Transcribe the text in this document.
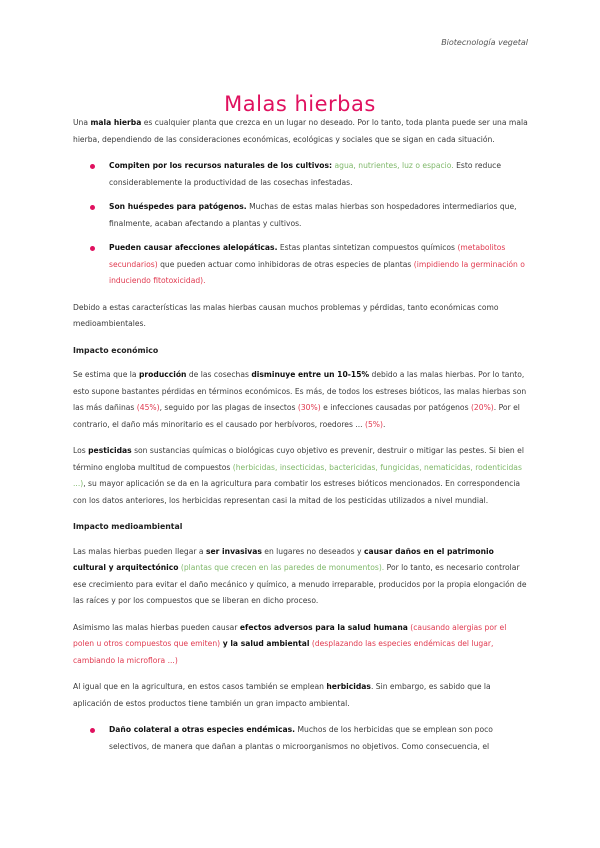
Biotecnología vegetal
Malas hierbas

Una mala hierba es cualquier planta que crezca en un lugar no deseado. Por lo tanto, toda planta puede ser una mala hierba, dependiendo de las consideraciones económicas, ecológicas y sociales que se sigan en cada situación.

Compiten por los recursos naturales de los cultivos: agua, nutrientes, luz o espacio. Esto reduce considerablemente la productividad de las cosechas infestadas.
Son huéspedes para patógenos. Muchas de estas malas hierbas son hospedadores intermediarios que, finalmente, acaban afectando a plantas y cultivos.
Pueden causar afecciones alelopáticas. Estas plantas sintetizan compuestos químicos (metabolitos secundarios) que pueden actuar como inhibidoras de otras especies de plantas (impidiendo la germinación o induciendo fitotoxicidad).

Debido a estas características las malas hierbas causan muchos problemas y pérdidas, tanto económicas como medioambientales.

Impacto económico

Se estima que la producción de las cosechas disminuye entre un 10-15% debido a las malas hierbas. Por lo tanto, esto supone bastantes pérdidas en términos económicos. Es más, de todos los estreses bióticos, las malas hierbas son las más dañinas (45%), seguido por las plagas de insectos (30%) e infecciones causadas por patógenos (20%). Por el contrario, el daño más minoritario es el causado por herbívoros, roedores ... (5%).

Los pesticidas son sustancias químicas o biológicas cuyo objetivo es prevenir, destruir o mitigar las pestes. Si bien el término engloba multitud de compuestos (herbicidas, insecticidas, bactericidas, fungicidas, nematicidas, rodenticidas ...), su mayor aplicación se da en la agricultura para combatir los estreses bióticos mencionados. En correspondencia con los datos anteriores, los herbicidas representan casi la mitad de los pesticidas utilizados a nivel mundial.

Impacto medioambiental

Las malas hierbas pueden llegar a ser invasivas en lugares no deseados y causar daños en el patrimonio cultural y arquitectónico (plantas que crecen en las paredes de monumentos). Por lo tanto, es necesario controlar ese crecimiento para evitar el daño mecánico y químico, a menudo irreparable, producidos por la propia elongación de las raíces y por los compuestos que se liberan en dicho proceso.

Asimismo las malas hierbas pueden causar efectos adversos para la salud humana (causando alergias por el polen u otros compuestos que emiten) y la salud ambiental (desplazando las especies endémicas del lugar, cambiando la microflora ...)

Al igual que en la agricultura, en estos casos también se emplean herbicidas. Sin embargo, es sabido que la aplicación de estos productos tiene también un gran impacto ambiental.

Daño colateral a otras especies endémicas. Muchos de los herbicidas que se emplean son poco selectivos, de manera que dañan a plantas o microorganismos no objetivos. Como consecuencia, el
